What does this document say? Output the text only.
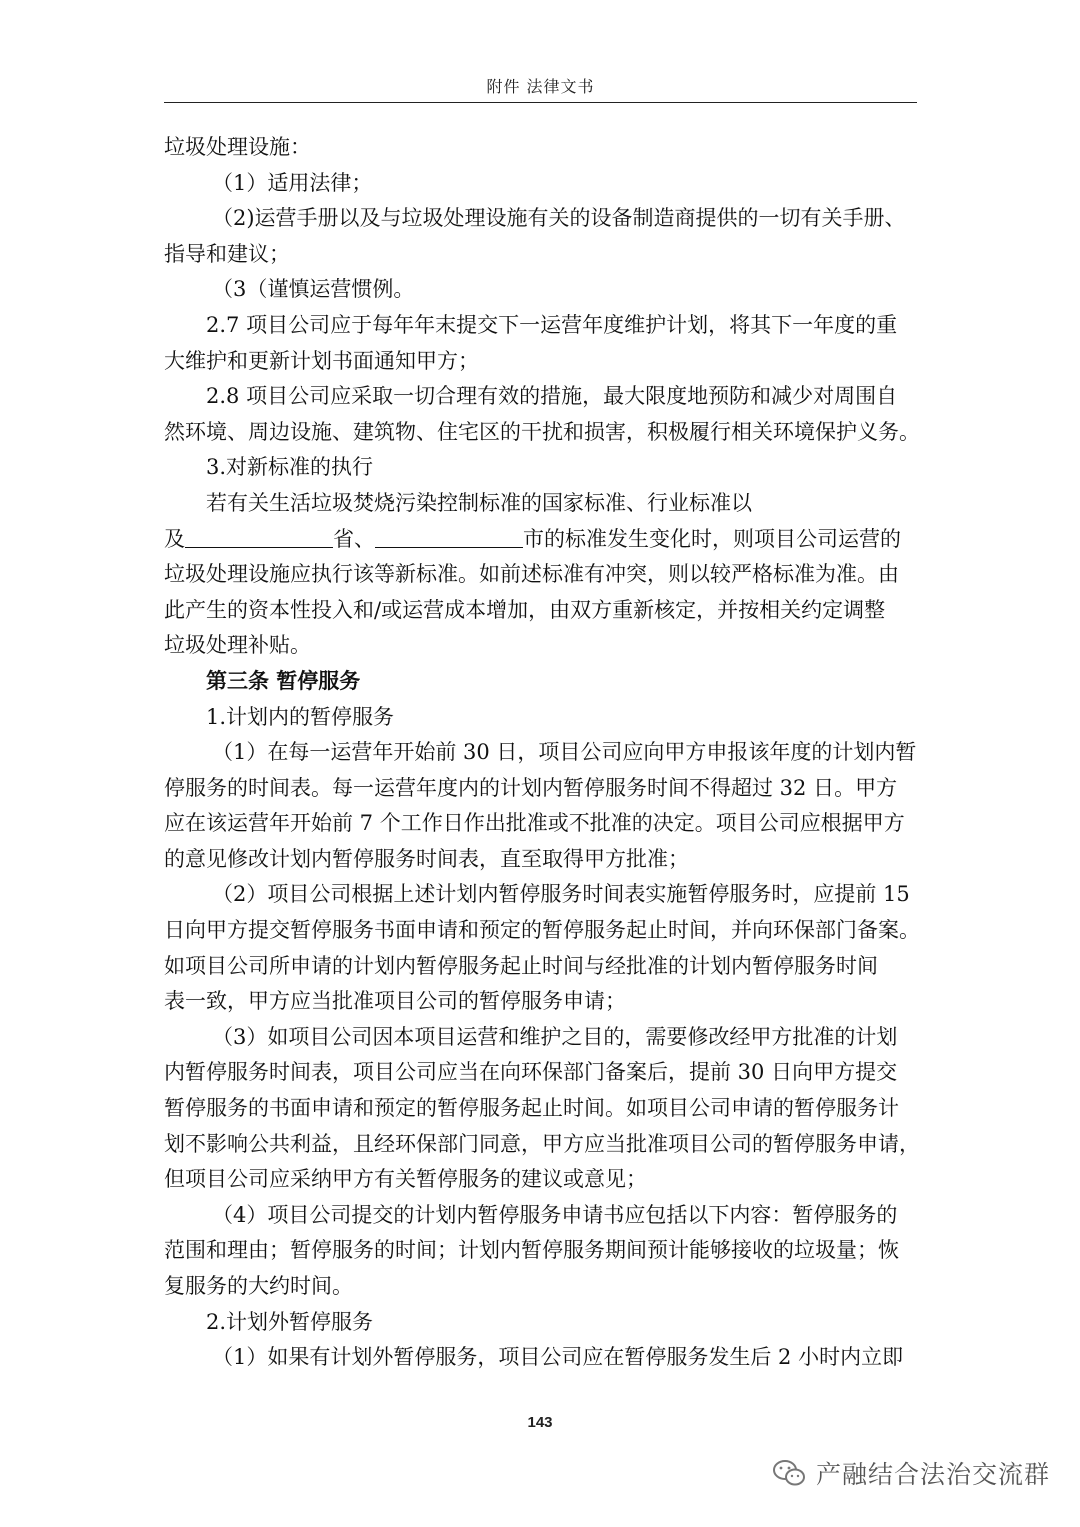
附件 法律文书
垃圾处理设施：
（1）适用法律；
（2)运营手册以及与垃圾处理设施有关的设备制造商提供的一切有关手册、
指导和建议；
（3（谨慎运营惯例。
2.7 项目公司应于每年年末提交下一运营年度维护计划，将其下一年度的重
大维护和更新计划书面通知甲方；
2.8 项目公司应采取一切合理有效的措施，最大限度地预防和减少对周围自
然环境、周边设施、建筑物、住宅区的干扰和损害，积极履行相关环境保护义务。
3.对新标准的执行
若有关生活垃圾焚烧污染控制标准的国家标准、行业标准以
及	省、	市的标准发生变化时，则项目公司运营的
垃圾处理设施应执行该等新标准。如前述标准有冲突，则以较严格标准为准。由
此产生的资本性投入和/或运营成本增加，由双方重新核定，并按相关约定调整
垃圾处理补贴。
第三条 暂停服务
1.计划内的暂停服务
（1）在每一运营年开始前 30 日，项目公司应向甲方申报该年度的计划内暂
停服务的时间表。每一运营年度内的计划内暂停服务时间不得超过 32 日。甲方
应在该运营年开始前 7 个工作日作出批准或不批准的决定。项目公司应根据甲方
的意见修改计划内暂停服务时间表，直至取得甲方批准；
（2）项目公司根据上述计划内暂停服务时间表实施暂停服务时，应提前 15
日向甲方提交暂停服务书面申请和预定的暂停服务起止时间，并向环保部门备案。
如项目公司所申请的计划内暂停服务起止时间与经批准的计划内暂停服务时间
表一致，甲方应当批准项目公司的暂停服务申请；
（3）如项目公司因本项目运营和维护之目的，需要修改经甲方批准的计划
内暂停服务时间表，项目公司应当在向环保部门备案后，提前 30 日向甲方提交
暂停服务的书面申请和预定的暂停服务起止时间。如项目公司申请的暂停服务计
划不影响公共利益，且经环保部门同意，甲方应当批准项目公司的暂停服务申请，
但项目公司应采纳甲方有关暂停服务的建议或意见；
（4）项目公司提交的计划内暂停服务申请书应包括以下内容：暂停服务的
范围和理由；暂停服务的时间；计划内暂停服务期间预计能够接收的垃圾量；恢
复服务的大约时间。
2.计划外暂停服务
（1）如果有计划外暂停服务，项目公司应在暂停服务发生后 2 小时内立即
143
产融结合法治交流群
